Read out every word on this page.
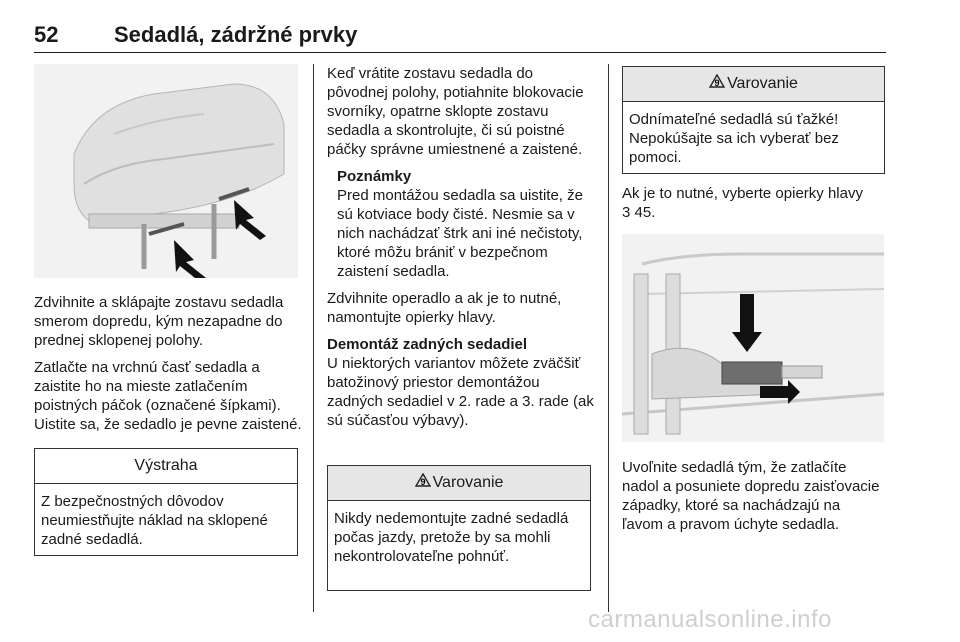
52	Sedadlá, zádržné prvky

Zdvihnite a sklápajte zostavu sedadla smerom dopredu, kým nezapadne do prednej sklopenej polohy.

Zatlačte na vrchnú časť sedadla a zaistite ho na mieste zatlačením poistných páčok (označené šípkami). Uistite sa, že sedadlo je pevne zaistené.

Výstraha
Z bezpečnostných dôvodov neumiestňujte náklad na sklopené zadné sedadlá.

Keď vrátite zostavu sedadla do pôvodnej polohy, potiahnite blokovacie svorníky, opatrne sklopte zostavu sedadla a skontrolujte, či sú poistné páčky správne umiestnené a zaistené.

Poznámky

Pred montážou sedadla sa uistite, že sú kotviace body čisté. Nesmie sa v nich nachádzať štrk ani iné nečistoty, ktoré môžu brániť v bezpečnom zaistení sedadla.

Zdvihnite operadlo a ak je to nutné, namontujte opierky hlavy.

Demontáž zadných sedadiel

U niektorých variantov môžete zväčšiť batožinový priestor demontážou zadných sedadiel v 2. rade a 3. rade (ak sú súčasťou výbavy).

9 Varovanie
Nikdy nedemontujte zadné sedadlá počas jazdy, pretože by sa mohli nekontrolovateľne pohnúť.
9 Varovanie
Odnímateľné sedadlá sú ťažké! Nepokúšajte sa ich vyberať bez pomoci.

Ak je to nutné, vyberte opierky hlavy
3 45.

Uvoľnite sedadlá tým, že zatlačíte nadol a posuniete dopredu zaisťovacie západky, ktoré sa nachádzajú na ľavom a pravom úchyte sedadla.

carmanualsonline.info
